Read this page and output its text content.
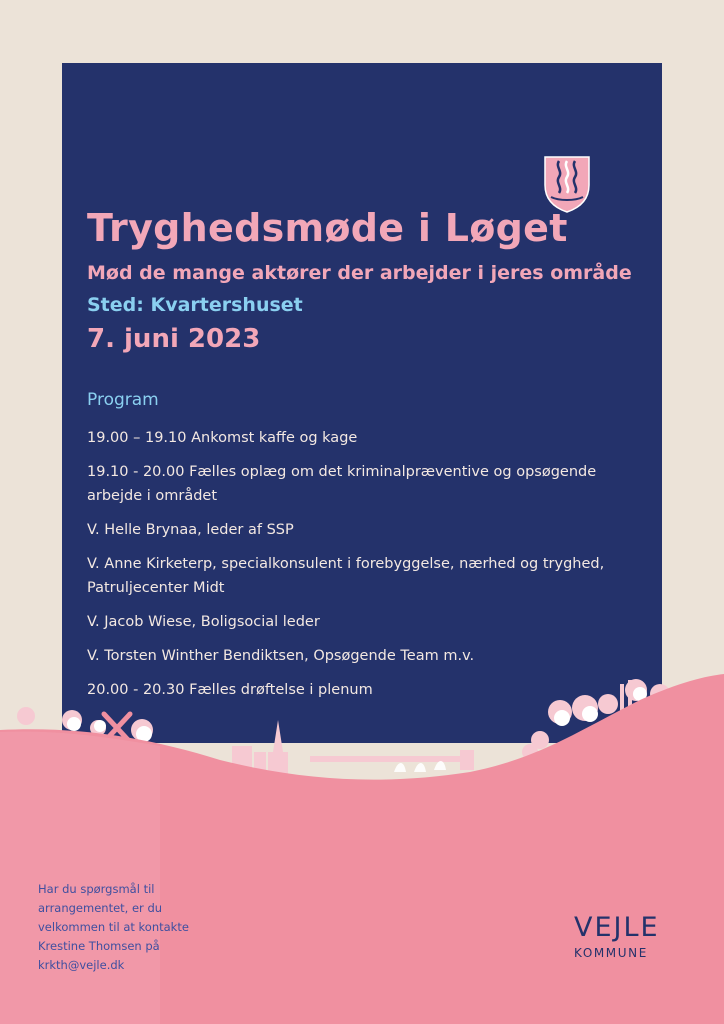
Tryghedsmøde i Løget
Mød de mange aktører der arbejder i jeres område

Sted: Kvartershuset

7. juni 2023

Program
19.00 – 19.10 Ankomst kaffe og kage
19.10 - 20.00 Fælles oplæg om det kriminalpræventive og opsøgende arbejde i området
V. Helle Brynaa, leder af SSP
V. Anne Kirketerp, specialkonsulent i forebyggelse, nærhed og tryghed, Patruljecenter Midt
V. Jacob Wiese, Boligsocial leder
V. Torsten Winther Bendiktsen, Opsøgende Team m.v.
20.00 - 20.30 Fælles drøftelse i plenum

Har du spørgsmål til arrangementet, er du velkommen til at kontakte Krestine Thomsen på krkth@vejle.dk

VEJLE
KOMMUNE
